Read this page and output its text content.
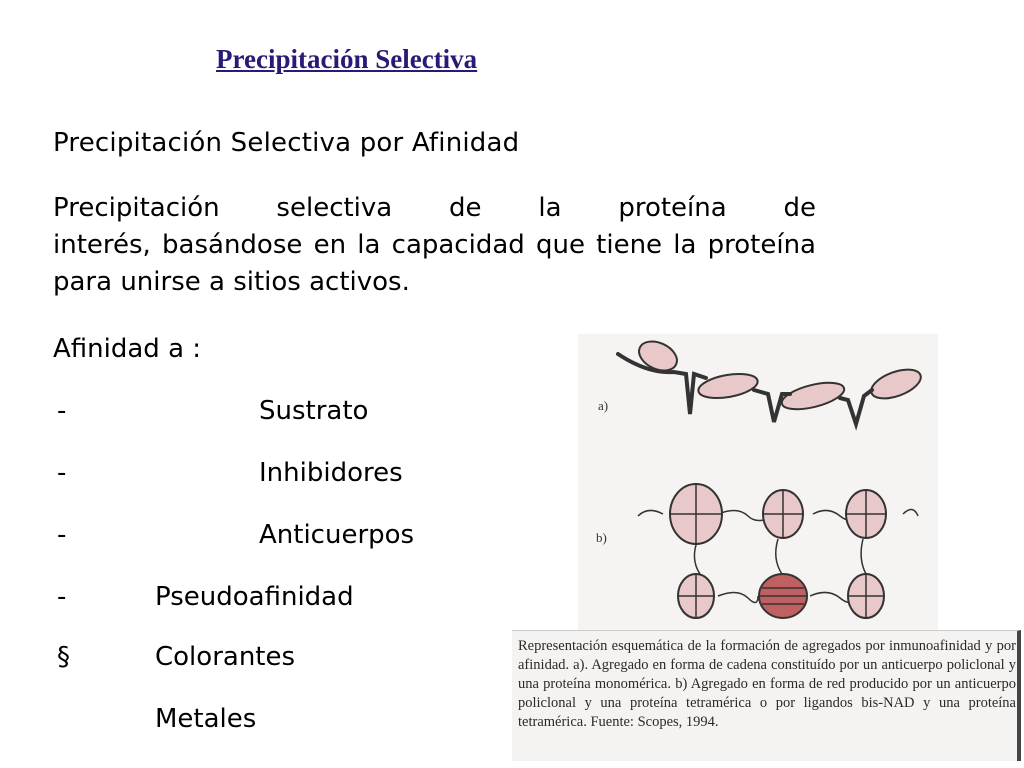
Precipitación Selectiva
Precipitación Selectiva por Afinidad
Precipitación selectiva de la proteína de
interés, basándose en la capacidad que tiene la proteína para unirse a sitios activos.
Afinidad a :
-	Sustrato
-	Inhibidores
-	Anticuerpos
-	Pseudoafinidad
§	Colorantes
Metales
a)
b)
Representación esquemática de la formación de agregados por inmunoafinidad y por afinidad. a). Agregado en forma de cadena constituído por un anticuerpo policlonal y una proteína monomérica. b) Agregado en forma de red producido por un anticuerpo policlonal y una proteína tetramérica o por ligandos bis-NAD y una proteína tetramérica. Fuente: Scopes, 1994.
